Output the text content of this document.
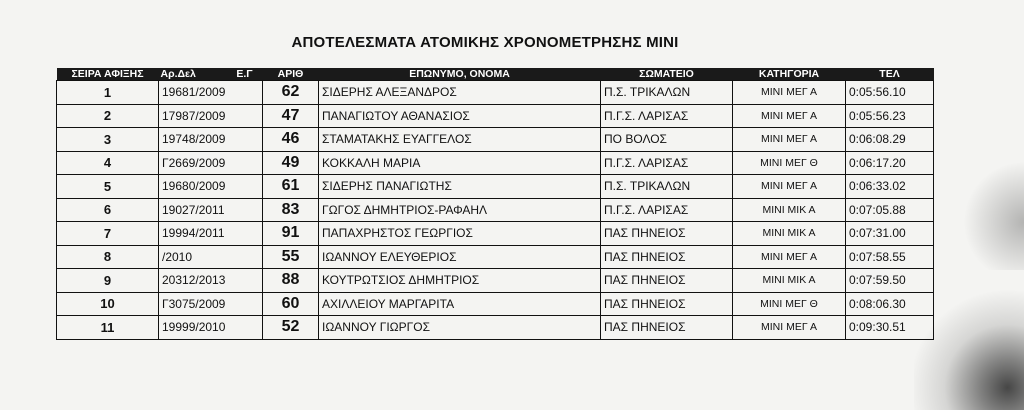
ΑΠΟΤΕΛΕΣΜΑΤΑ ΑΤΟΜΙΚΗΣ ΧΡΟΝΟΜΕΤΡΗΣΗΣ ΜΙΝΙ
ΣΕΙΡΑ ΑΦΙΞΗΣ	Αρ.Δελ	Ε.Γ	ΑΡΙΘ	ΕΠΩΝΥΜΟ, ΟΝΟΜΑ	ΣΩΜΑΤΕΙΟ	ΚΑΤΗΓΟΡΙΑ	ΤΕΛ
1	19681/2009		62	ΣΙΔΕΡΗΣ ΑΛΕΞΑΝΔΡΟΣ	Π.Σ. ΤΡΙΚΑΛΩΝ	ΜΙΝΙ ΜΕΓ Α	0:05:56.10
2	17987/2009		47	ΠΑΝΑΓΙΩΤΟΥ ΑΘΑΝΑΣΙΟΣ	Π.Γ.Σ. ΛΑΡΙΣΑΣ	ΜΙΝΙ ΜΕΓ Α	0:05:56.23
3	19748/2009		46	ΣΤΑΜΑΤΑΚΗΣ ΕΥΑΓΓΕΛΟΣ	ΠΟ ΒΟΛΟΣ	ΜΙΝΙ ΜΕΓ Α	0:06:08.29
4	Γ2669/2009		49	ΚΟΚΚΑΛΗ ΜΑΡΙΑ	Π.Γ.Σ. ΛΑΡΙΣΑΣ	ΜΙΝΙ ΜΕΓ Θ	0:06:17.20
5	19680/2009		61	ΣΙΔΕΡΗΣ ΠΑΝΑΓΙΩΤΗΣ	Π.Σ. ΤΡΙΚΑΛΩΝ	ΜΙΝΙ ΜΕΓ Α	0:06:33.02
6	19027/2011		83	ΓΩΓΟΣ ΔΗΜΗΤΡΙΟΣ-ΡΑΦΑΗΛ	Π.Γ.Σ. ΛΑΡΙΣΑΣ	ΜΙΝΙ ΜΙΚ Α	0:07:05.88
7	19994/2011		91	ΠΑΠΑΧΡΗΣΤΟΣ ΓΕΩΡΓΙΟΣ	ΠΑΣ ΠΗΝΕΙΟΣ	ΜΙΝΙ ΜΙΚ Α	0:07:31.00
8	/2010		55	ΙΩΑΝΝΟΥ ΕΛΕΥΘΕΡΙΟΣ	ΠΑΣ ΠΗΝΕΙΟΣ	ΜΙΝΙ ΜΕΓ Α	0:07:58.55
9	20312/2013		88	ΚΟΥΤΡΩΤΣΙΟΣ ΔΗΜΗΤΡΙΟΣ	ΠΑΣ ΠΗΝΕΙΟΣ	ΜΙΝΙ ΜΙΚ Α	0:07:59.50
10	Γ3075/2009		60	ΑΧΙΛΛΕΙΟΥ ΜΑΡΓΑΡΙΤΑ	ΠΑΣ ΠΗΝΕΙΟΣ	ΜΙΝΙ ΜΕΓ Θ	0:08:06.30
11	19999/2010		52	ΙΩΑΝΝΟΥ ΓΙΩΡΓΟΣ	ΠΑΣ ΠΗΝΕΙΟΣ	ΜΙΝΙ ΜΕΓ Α	0:09:30.51
